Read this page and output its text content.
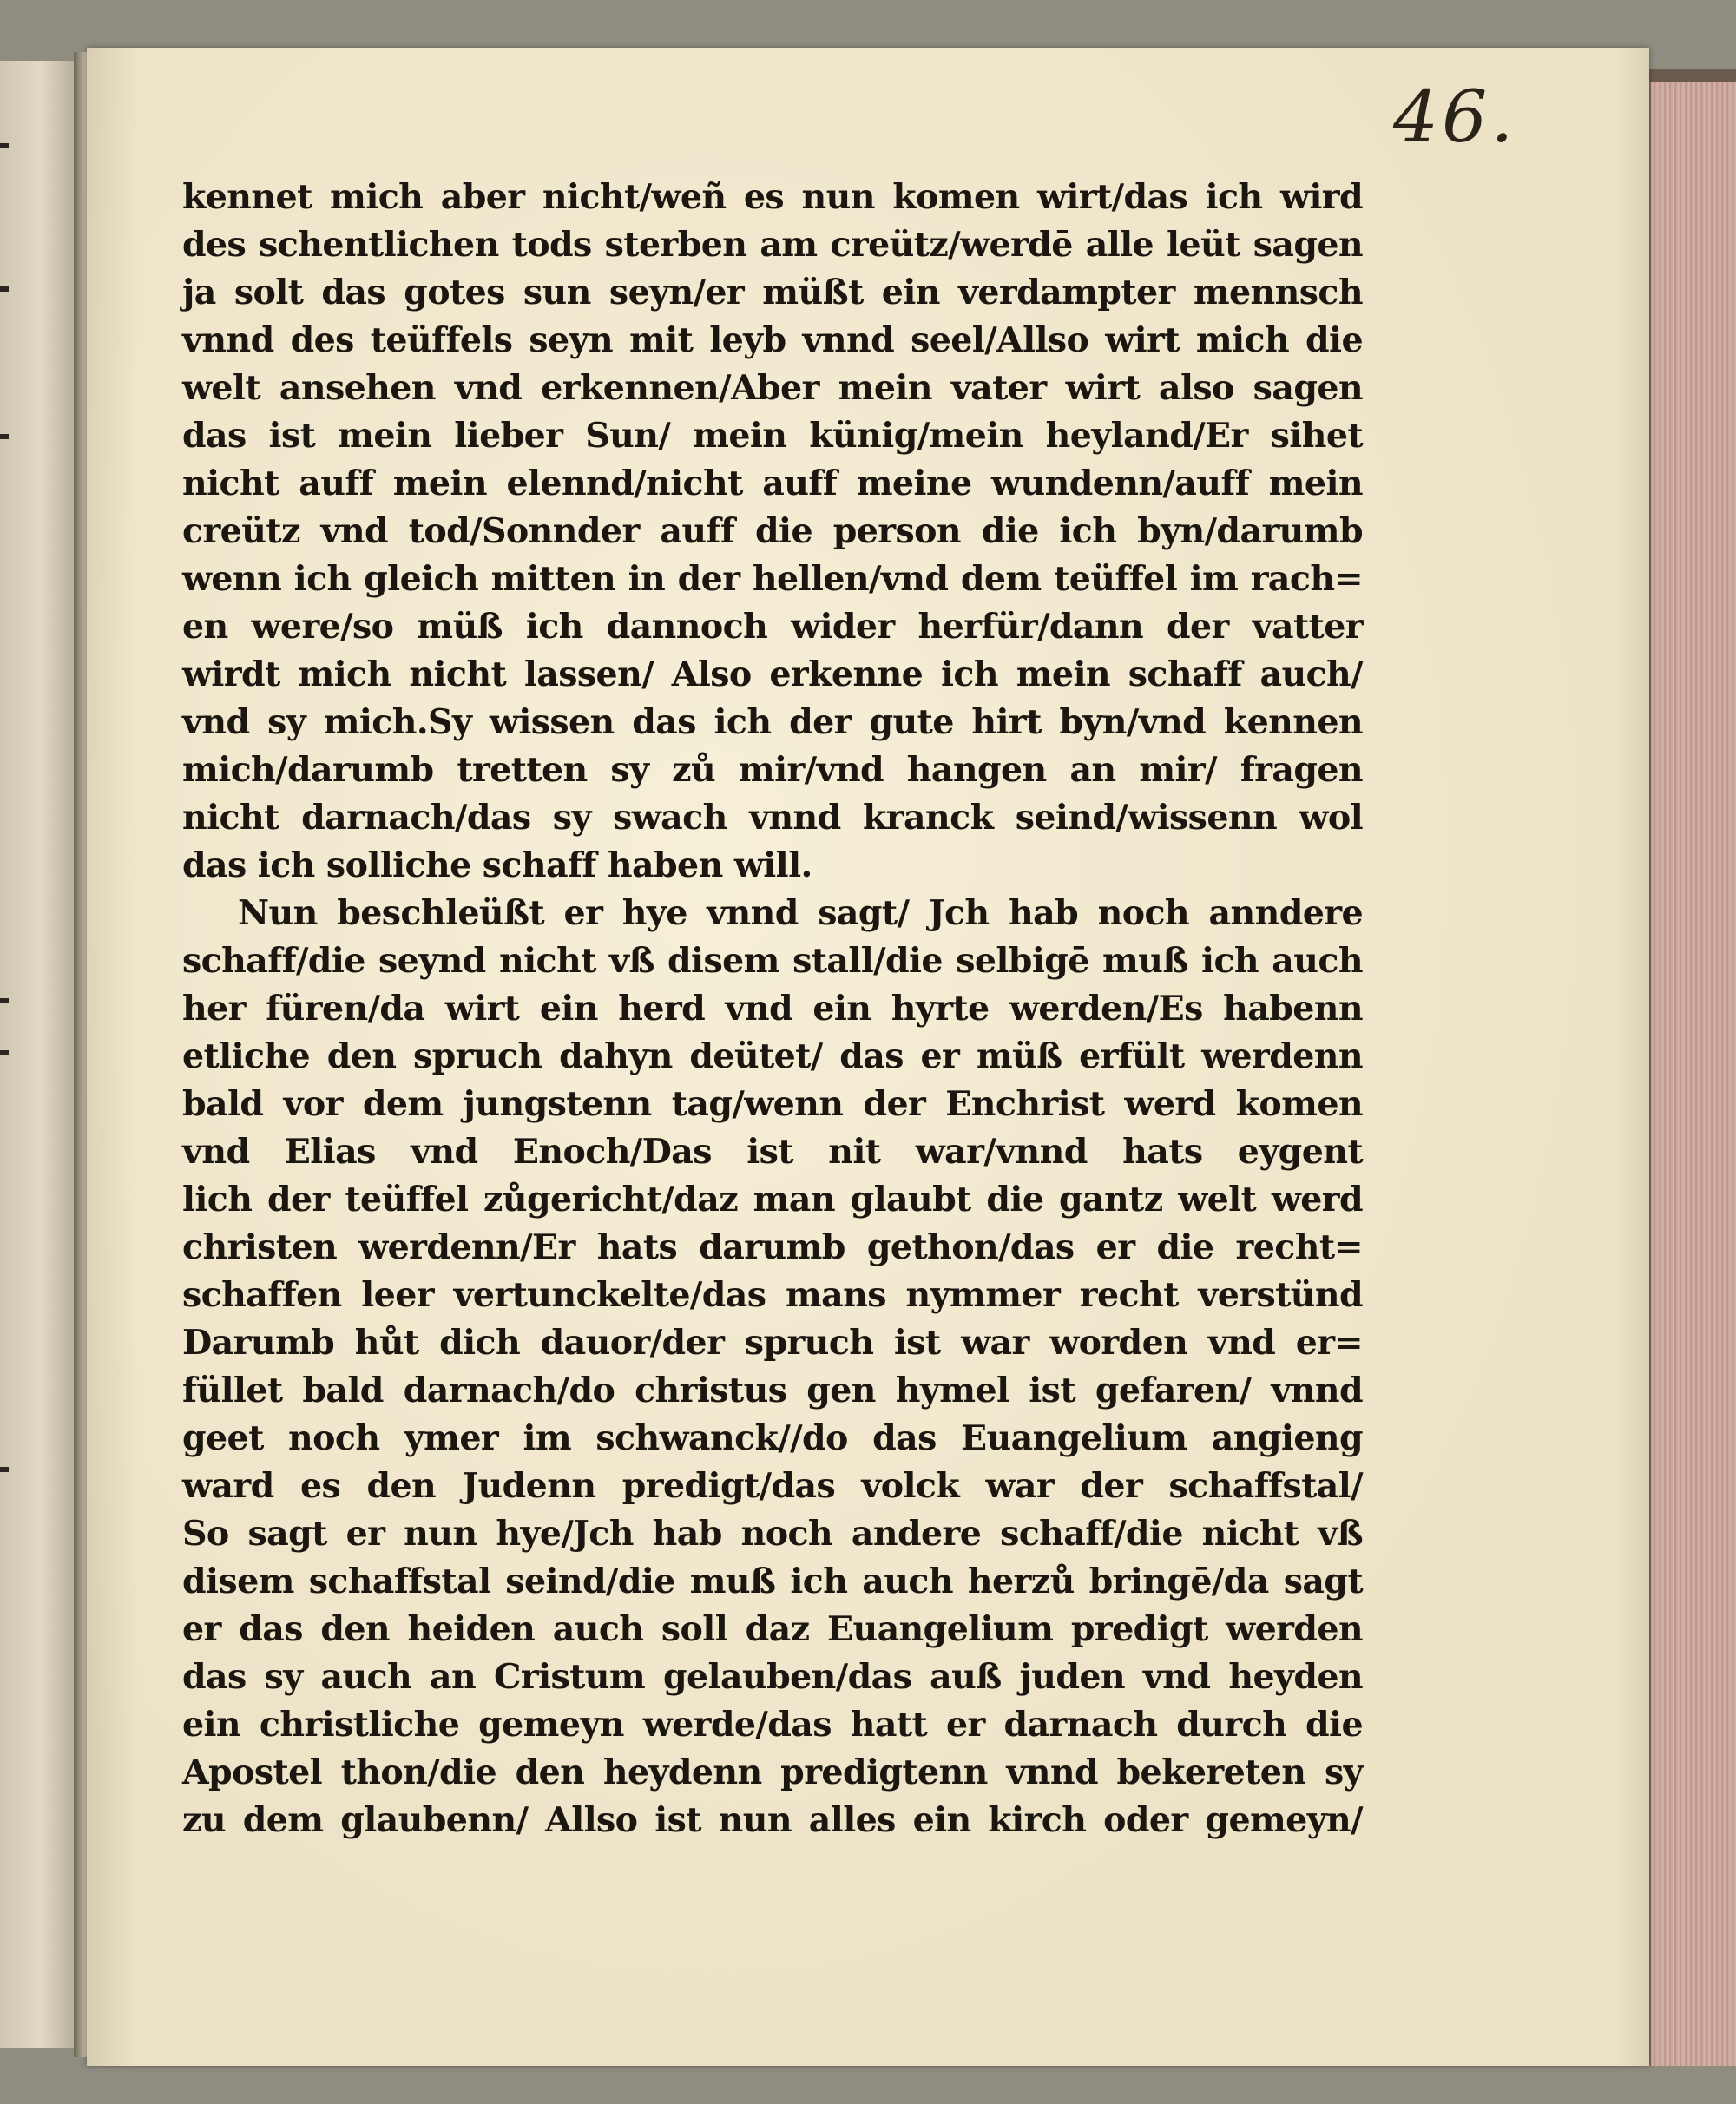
46.
kennet mich aber nicht/weñ es nun komen wirt/das ich wird
des schentlichen tods sterben am creütz/werdē alle leüt sagen
ja solt das gotes sun seyn/er müßt ein verdampter mennsch
vnnd des teüffels seyn mit leyb vnnd seel/Allso wirt mich die
welt ansehen vnd erkennen/Aber mein vater wirt also sagen
das ist mein lieber Sun/ mein künig/mein heyland/Er sihet
nicht auff mein elennd/nicht auff meine wundenn/auff mein
creütz vnd tod/Sonnder auff die person die ich byn/darumb
wenn ich gleich mitten in der hellen/vnd dem teüffel im rach=
en were/so müß ich dannoch wider herfür/dann der vatter
wirdt mich nicht lassen/ Also erkenne ich mein schaff auch/
vnd sy mich.Sy wissen das ich der gute hirt byn/vnd kennen
mich/darumb tretten sy zů mir/vnd hangen an mir/ fragen
nicht darnach/das sy swach vnnd kranck seind/wissenn wol
das ich solliche schaff haben will.
Nun beschleüßt er hye vnnd sagt/ Jch hab noch anndere
schaff/die seynd nicht vß disem stall/die selbigē muß ich auch
her füren/da wirt ein herd vnd ein hyrte werden/Es habenn
etliche den spruch dahyn deütet/ das er müß erfült werdenn
bald vor dem jungstenn tag/wenn der Enchrist werd komen
vnd Elias vnd Enoch/Das ist nit war/vnnd hats eygent
lich der teüffel zůgericht/daz man glaubt die gantz welt werd
christen werdenn/Er hats darumb gethon/das er die recht=
schaffen leer vertunckelte/das mans nymmer recht verstünd
Darumb hůt dich dauor/der spruch ist war worden vnd er=
füllet bald darnach/do christus gen hymel ist gefaren/ vnnd
geet noch ymer im schwanck//do das Euangelium angieng
ward es den Judenn predigt/das volck war der schaffstal/
So sagt er nun hye/Jch hab noch andere schaff/die nicht vß
disem schaffstal seind/die muß ich auch herzů bringē/da sagt
er das den heiden auch soll daz Euangelium predigt werden
das sy auch an Cristum gelauben/das auß juden vnd heyden
ein christliche gemeyn werde/das hatt er darnach durch die
Apostel thon/die den heydenn predigtenn vnnd bekereten sy
zu dem glaubenn/ Allso ist nun alles ein kirch oder gemeyn/
